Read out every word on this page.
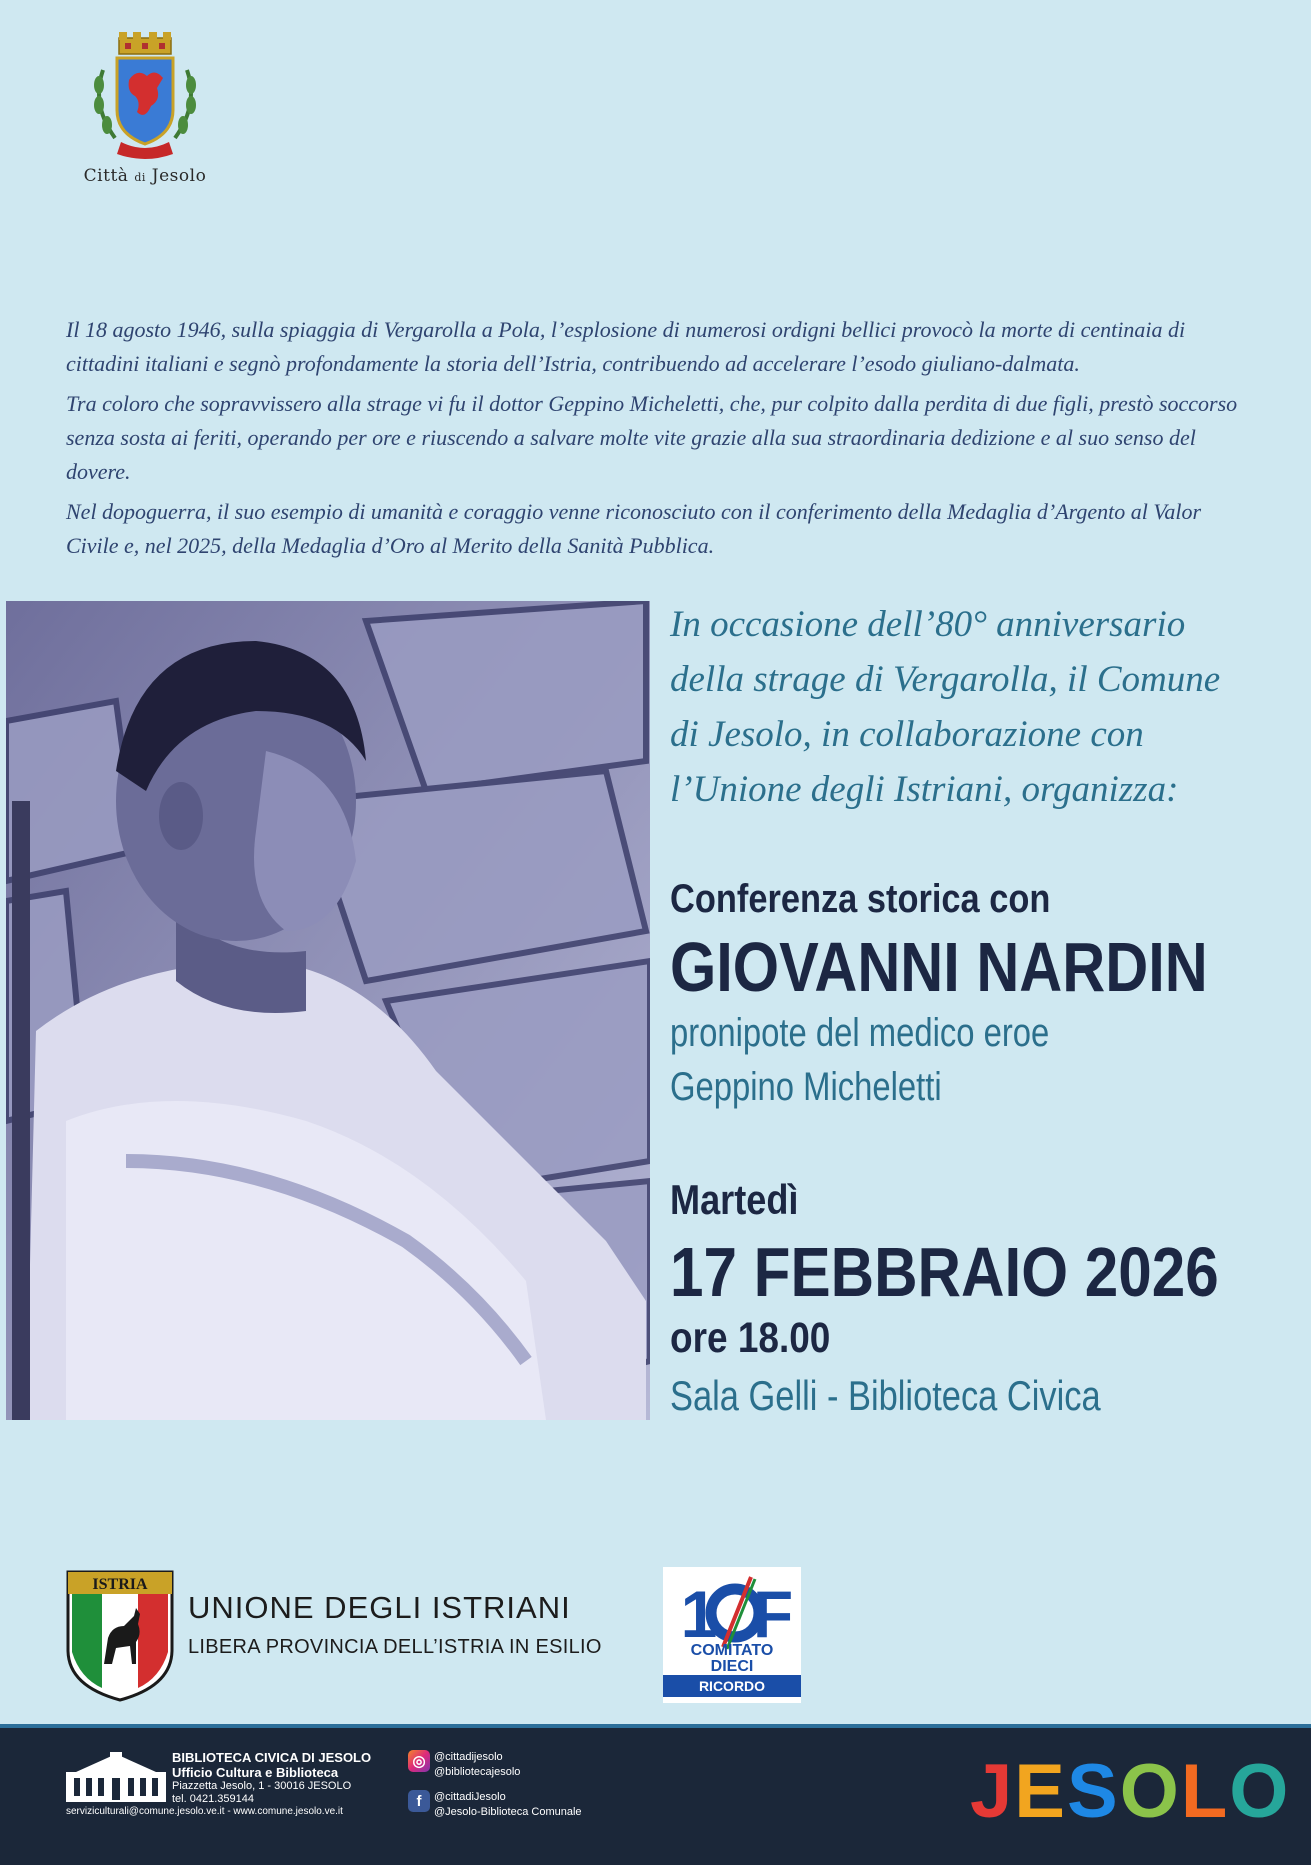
Città di Jesolo

Il 18 agosto 1946, sulla spiaggia di Vergarolla a Pola, l’esplosione di numerosi ordigni bellici provocò la morte di centinaia di cittadini italiani e segnò profondamente la storia dell’Istria, contribuendo ad accelerare l’esodo giuliano-dalmata.

Tra coloro che sopravvissero alla strage vi fu il dottor Geppino Micheletti, che, pur colpito dalla perdita di due figli, prestò soccorso senza sosta ai feriti, operando per ore e riuscendo a salvare molte vite grazie alla sua straordinaria dedizione e al suo senso del dovere.

Nel dopoguerra, il suo esempio di umanità e coraggio venne riconosciuto con il conferimento della Medaglia d’Argento al Valor Civile e, nel 2025, della Medaglia d’Oro al Merito della Sanità Pubblica.

In occasione dell’80° anniversario
della strage di Vergarolla, il Comune
di Jesolo, in collaborazione con
l’Unione degli Istriani, organizza:
Conferenza storica con
GIOVANNI NARDIN
pronipote del medico eroe
Geppino Micheletti
Martedì
17 FEBBRAIO 2026
ore 18.00
Sala Gelli - Biblioteca Civica
ISTRIA
UNIONE DEGLI ISTRIANI
LIBERA PROVINCIA DELL’ISTRIA IN ESILIO 1 F
COMITATO
DIECI
RICORDO
BIBLIOTECA CIVICA DI JESOLO
Ufficio Cultura e Biblioteca
Piazzetta Jesolo, 1 - 30016 JESOLO
tel. 0421.359144
serviziculturali@comune.jesolo.ve.it - www.comune.jesolo.ve.it
◎ @cittadijesolo
@bibliotecajesolo
f	@cittadiJesolo
@Jesolo-Biblioteca Comunale	JESOLO
